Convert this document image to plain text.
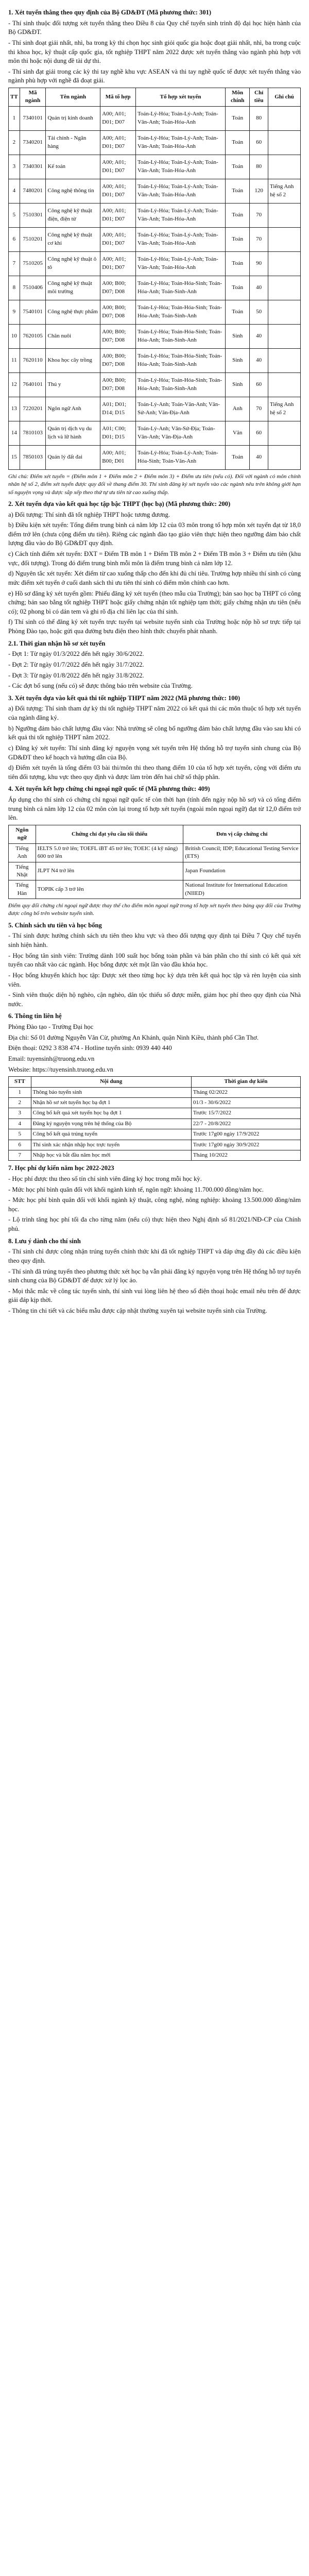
1. Xét tuyển thẳng theo quy định của Bộ GD&ĐT (Mã phương thức: 301)
- Thí sinh thuộc đối tượng xét tuyển thẳng theo Điều 8 của Quy chế tuyển sinh trình độ đại học hiện hành của Bộ GD&ĐT.
- Thí sinh đoạt giải nhất, nhì, ba trong kỳ thi chọn học sinh giỏi quốc gia hoặc đoạt giải nhất, nhì, ba trong cuộc thi khoa học, kỹ thuật cấp quốc gia, tốt nghiệp THPT năm 2022 được xét tuyển thẳng vào ngành phù hợp với môn thi hoặc nội dung đề tài dự thi.
- Thí sinh đạt giải trong các kỳ thi tay nghề khu vực ASEAN và thi tay nghề quốc tế được xét tuyển thẳng vào ngành phù hợp với nghề đã đoạt giải.
TT	Mã ngành	Tên ngành	Mã tổ hợp	Tổ hợp xét tuyển	Môn chính	Chỉ tiêu	Ghi chú
1	7340101	Quản trị kinh doanh	A00; A01; D01; D07	Toán-Lý-Hóa; Toán-Lý-Anh; Toán-Văn-Anh; Toán-Hóa-Anh	Toán	80	
2	7340201	Tài chính - Ngân hàng	A00; A01; D01; D07	Toán-Lý-Hóa; Toán-Lý-Anh; Toán-Văn-Anh; Toán-Hóa-Anh	Toán	60	
3	7340301	Kế toán	A00; A01; D01; D07	Toán-Lý-Hóa; Toán-Lý-Anh; Toán-Văn-Anh; Toán-Hóa-Anh	Toán	80	
4	7480201	Công nghệ thông tin	A00; A01; D01; D07	Toán-Lý-Hóa; Toán-Lý-Anh; Toán-Văn-Anh; Toán-Hóa-Anh	Toán	120	Tiếng Anh hệ số 2
5	7510301	Công nghệ kỹ thuật điện, điện tử	A00; A01; D01; D07	Toán-Lý-Hóa; Toán-Lý-Anh; Toán-Văn-Anh; Toán-Hóa-Anh	Toán	70	
6	7510201	Công nghệ kỹ thuật cơ khí	A00; A01; D01; D07	Toán-Lý-Hóa; Toán-Lý-Anh; Toán-Văn-Anh; Toán-Hóa-Anh	Toán	70	
7	7510205	Công nghệ kỹ thuật ô tô	A00; A01; D01; D07	Toán-Lý-Hóa; Toán-Lý-Anh; Toán-Văn-Anh; Toán-Hóa-Anh	Toán	90	
8	7510406	Công nghệ kỹ thuật môi trường	A00; B00; D07; D08	Toán-Lý-Hóa; Toán-Hóa-Sinh; Toán-Hóa-Anh; Toán-Sinh-Anh	Toán	40	
9	7540101	Công nghệ thực phẩm	A00; B00; D07; D08	Toán-Lý-Hóa; Toán-Hóa-Sinh; Toán-Hóa-Anh; Toán-Sinh-Anh	Toán	50	
10	7620105	Chăn nuôi	A00; B00; D07; D08	Toán-Lý-Hóa; Toán-Hóa-Sinh; Toán-Hóa-Anh; Toán-Sinh-Anh	Sinh	40	
11	7620110	Khoa học cây trồng	A00; B00; D07; D08	Toán-Lý-Hóa; Toán-Hóa-Sinh; Toán-Hóa-Anh; Toán-Sinh-Anh	Sinh	40	
12	7640101	Thú y	A00; B00; D07; D08	Toán-Lý-Hóa; Toán-Hóa-Sinh; Toán-Hóa-Anh; Toán-Sinh-Anh	Sinh	60	
13	7220201	Ngôn ngữ Anh	A01; D01; D14; D15	Toán-Lý-Anh; Toán-Văn-Anh; Văn-Sử-Anh; Văn-Địa-Anh	Anh	70	Tiếng Anh hệ số 2
14	7810103	Quản trị dịch vụ du lịch và lữ hành	A01; C00; D01; D15	Toán-Lý-Anh; Văn-Sử-Địa; Toán-Văn-Anh; Văn-Địa-Anh	Văn	60	
15	7850103	Quản lý đất đai	A00; A01; B00; D01	Toán-Lý-Hóa; Toán-Lý-Anh; Toán-Hóa-Sinh; Toán-Văn-Anh	Toán	40	
Ghi chú: Điểm xét tuyển = (Điểm môn 1 + Điểm môn 2 + Điểm môn 3) + Điểm ưu tiên (nếu có). Đối với ngành có môn chính nhân hệ số 2, điểm xét tuyển được quy đổi về thang điểm 30. Thí sinh đăng ký xét tuyển vào các ngành nêu trên không giới hạn số nguyện vọng và được sắp xếp theo thứ tự ưu tiên từ cao xuống thấp.
2. Xét tuyển dựa vào kết quả học tập bậc THPT (học bạ) (Mã phương thức: 200)
a) Đối tượng: Thí sinh đã tốt nghiệp THPT hoặc tương đương.
b) Điều kiện xét tuyển: Tổng điểm trung bình cả năm lớp 12 của 03 môn trong tổ hợp môn xét tuyển đạt từ 18,0 điểm trở lên (chưa cộng điểm ưu tiên). Riêng các ngành đào tạo giáo viên thực hiện theo ngưỡng đảm bảo chất lượng đầu vào do Bộ GD&ĐT quy định.
c) Cách tính điểm xét tuyển: ĐXT = Điểm TB môn 1 + Điểm TB môn 2 + Điểm TB môn 3 + Điểm ưu tiên (khu vực, đối tượng). Trong đó điểm trung bình mỗi môn là điểm trung bình cả năm lớp 12.
d) Nguyên tắc xét tuyển: Xét điểm từ cao xuống thấp cho đến khi đủ chỉ tiêu. Trường hợp nhiều thí sinh có cùng mức điểm xét tuyển ở cuối danh sách thì ưu tiên thí sinh có điểm môn chính cao hơn.
e) Hồ sơ đăng ký xét tuyển gồm: Phiếu đăng ký xét tuyển (theo mẫu của Trường); bản sao học bạ THPT có công chứng; bản sao bằng tốt nghiệp THPT hoặc giấy chứng nhận tốt nghiệp tạm thời; giấy chứng nhận ưu tiên (nếu có); 02 phong bì có dán tem và ghi rõ địa chỉ liên lạc của thí sinh.
f) Thí sinh có thể đăng ký xét tuyển trực tuyến tại website tuyển sinh của Trường hoặc nộp hồ sơ trực tiếp tại Phòng Đào tạo, hoặc gửi qua đường bưu điện theo hình thức chuyển phát nhanh.
2.1. Thời gian nhận hồ sơ xét tuyển
- Đợt 1: Từ ngày 01/3/2022 đến hết ngày 30/6/2022.
- Đợt 2: Từ ngày 01/7/2022 đến hết ngày 31/7/2022.
- Đợt 3: Từ ngày 01/8/2022 đến hết ngày 31/8/2022.
- Các đợt bổ sung (nếu có) sẽ được thông báo trên website của Trường.
3. Xét tuyển dựa vào kết quả thi tốt nghiệp THPT năm 2022 (Mã phương thức: 100)
a) Đối tượng: Thí sinh tham dự kỳ thi tốt nghiệp THPT năm 2022 có kết quả thi các môn thuộc tổ hợp xét tuyển của ngành đăng ký.
b) Ngưỡng đảm bảo chất lượng đầu vào: Nhà trường sẽ công bố ngưỡng đảm bảo chất lượng đầu vào sau khi có kết quả thi tốt nghiệp THPT năm 2022.
c) Đăng ký xét tuyển: Thí sinh đăng ký nguyện vọng xét tuyển trên Hệ thống hỗ trợ tuyển sinh chung của Bộ GD&ĐT theo kế hoạch và hướng dẫn của Bộ.
d) Điểm xét tuyển là tổng điểm 03 bài thi/môn thi theo thang điểm 10 của tổ hợp xét tuyển, cộng với điểm ưu tiên đối tượng, khu vực theo quy định và được làm tròn đến hai chữ số thập phân.
4. Xét tuyển kết hợp chứng chỉ ngoại ngữ quốc tế (Mã phương thức: 409)
Áp dụng cho thí sinh có chứng chỉ ngoại ngữ quốc tế còn thời hạn (tính đến ngày nộp hồ sơ) và có tổng điểm trung bình cả năm lớp 12 của 02 môn còn lại trong tổ hợp xét tuyển (ngoài môn ngoại ngữ) đạt từ 12,0 điểm trở lên.
Ngôn ngữ	Chứng chỉ đạt yêu cầu tối thiểu	Đơn vị cấp chứng chỉ
Tiếng Anh	IELTS 5.0 trở lên; TOEFL iBT 45 trở lên; TOEIC (4 kỹ năng) 600 trở lên	British Council; IDP; Educational Testing Service (ETS)
Tiếng Nhật	JLPT N4 trở lên	Japan Foundation
Tiếng Hàn	TOPIK cấp 3 trở lên	National Institute for International Education (NIIED)
Điểm quy đổi chứng chỉ ngoại ngữ được thay thế cho điểm môn ngoại ngữ trong tổ hợp xét tuyển theo bảng quy đổi của Trường được công bố trên website tuyển sinh.
5. Chính sách ưu tiên và học bổng
- Thí sinh được hưởng chính sách ưu tiên theo khu vực và theo đối tượng quy định tại Điều 7 Quy chế tuyển sinh hiện hành.
- Học bổng tân sinh viên: Trường dành 100 suất học bổng toàn phần và bán phần cho thí sinh có kết quả xét tuyển cao nhất vào các ngành. Học bổng được xét một lần vào đầu khóa học.
- Học bổng khuyến khích học tập: Được xét theo từng học kỳ dựa trên kết quả học tập và rèn luyện của sinh viên.
- Sinh viên thuộc diện hộ nghèo, cận nghèo, dân tộc thiểu số được miễn, giảm học phí theo quy định của Nhà nước.
6. Thông tin liên hệ
Phòng Đào tạo - Trường Đại học
Địa chỉ: Số 01 đường Nguyễn Văn Cừ, phường An Khánh, quận Ninh Kiều, thành phố Cần Thơ.
Điện thoại: 0292 3 838 474 - Hotline tuyển sinh: 0939 440 440
Email: tuyensinh@truong.edu.vn
Website: https://tuyensinh.truong.edu.vn
STT	Nội dung	Thời gian dự kiến
1	Thông báo tuyển sinh	Tháng 02/2022
2	Nhận hồ sơ xét tuyển học bạ đợt 1	01/3 - 30/6/2022
3	Công bố kết quả xét tuyển học bạ đợt 1	Trước 15/7/2022
4	Đăng ký nguyện vọng trên hệ thống của Bộ	22/7 - 20/8/2022
5	Công bố kết quả trúng tuyển	Trước 17g00 ngày 17/9/2022
6	Thí sinh xác nhận nhập học trực tuyến	Trước 17g00 ngày 30/9/2022
7	Nhập học và bắt đầu năm học mới	Tháng 10/2022
7. Học phí dự kiến năm học 2022-2023
- Học phí được thu theo số tín chỉ sinh viên đăng ký học trong mỗi học kỳ.
- Mức học phí bình quân đối với khối ngành kinh tế, ngôn ngữ: khoảng 11.700.000 đồng/năm học.
- Mức học phí bình quân đối với khối ngành kỹ thuật, công nghệ, nông nghiệp: khoảng 13.500.000 đồng/năm học.
- Lộ trình tăng học phí tối đa cho từng năm (nếu có) thực hiện theo Nghị định số 81/2021/NĐ-CP của Chính phủ.
8. Lưu ý dành cho thí sinh
- Thí sinh chỉ được công nhận trúng tuyển chính thức khi đã tốt nghiệp THPT và đáp ứng đầy đủ các điều kiện theo quy định.
- Thí sinh đã trúng tuyển theo phương thức xét học bạ vẫn phải đăng ký nguyện vọng trên Hệ thống hỗ trợ tuyển sinh chung của Bộ GD&ĐT để được xử lý lọc ảo.
- Mọi thắc mắc về công tác tuyển sinh, thí sinh vui lòng liên hệ theo số điện thoại hoặc email nêu trên để được giải đáp kịp thời.
- Thông tin chi tiết và các biểu mẫu được cập nhật thường xuyên tại website tuyển sinh của Trường.
